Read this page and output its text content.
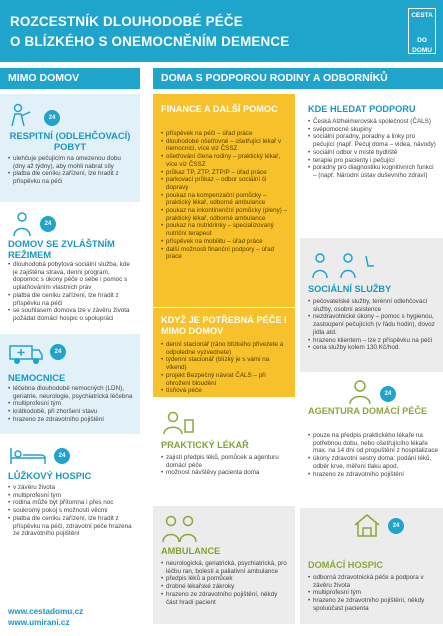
ROZCESTNÍK DLOUHODOBÉ PÉČE
O BLÍZKÉHO S ONEMOCNĚNÍM DEMENCE
CESTA
DO
DOMU
MIMO DOMOV	DOMA S PODPOROU RODINY A ODBORNÍKŮ
24
RESPITNÍ (ODLEHČOVACÍ) POBYT
• ulehčuje pečujícím na omezenou dobu (dny až týdny), aby mohli nabrat síly
• platba dle ceníku zařízení, lze hradit z příspěvku na péči
24
DOMOV SE ZVLÁŠTNÍM REŽIMEM
• dlouhodobá pobytová sociální služba, kde je zajištěna strava, denní program, dopomoc s úkony péče o sebe i pomoc s uplatňováním vlastních práv
• platba dle ceníku zařízení, lze hradit z příspěvku na péči
• se souhlasem domova lze v závěru života požádat domácí hospic o spolupráci
24
NEMOCNICE
• léčebna dlouhodobě nemocných (LDN), geriatrie, neurologie, psychiatrická léčebna
• multiprofesní tým
• krátkodobě, při zhoršení stavu
• hrazeno ze zdravotního pojištění
24
LŮŽKOVÝ HOSPIC
• v závěru života
• multiprofesní tým
• rodina může být přítomna i přes noc
• soukromý pokoj s možností věcmi
• platba dle ceníku zařízení, lze hradit z příspěvku na péči, zdravotní péče hrazena ze zdravotního pojištění
www.cestadomu.cz
www.umirani.cz
FINANCE A DALŠÍ POMOC
• příspěvek na péči – úřad práce
• dlouhodobé ošetřovné – ošetřující lékař v nemocnici, více viz ČSSZ
• ošetřování člena rodiny – praktický lékař, více viz ČSSZ
• průkaz TP, ZTP, ZTP/P – úřad práce
• parkovací průkaz – odbor sociální či dopravy
• poukaz na kompenzační pomůcky – praktický lékař, odborné ambulance
• poukaz na inkontinenční pomůcky (pleny) – praktický lékař, odborné ambulance
• poukaz na nutridrinky – specializovaný nutriční terapeut
• příspěvek na mobilitu – úřad práce
• další možnosti finanční podpory – úřad práce
KDYŽ JE POTŘEBNÁ PÉČE I MIMO DOMOV
• denní stacionář (ráno blízkého přivezete a odpoledne vyzvednete)
• týdenní stacionář (blízký je s vámi na víkend)
• projekt Bezpečný návrat ČALS – při ohrožení bloudění
• tísňová péče
KDE HLEDAT PODPORU
• Česká Alzheimerovská společnost (ČALS)
• svépomocné skupiny
• sociální poradny, poradny a linky pro pečující (např. Pečuj doma – videa, návody)
• sociální odbor v místě bydliště
• terapie pro pacienty i pečující
• poradny pro diagnostiku kognitivních funkcí – (např. Národní ústav duševního zdraví)
SOCIÁLNÍ SLUŽBY
• pečovatelské služby, terénní odlehčovací služby, osobní asistence
• nezdravotnické úkony – pomoc s hygienou, zastoupení pečujících (v řádu hodin), dovoz jídla atd.
• hrazeno klientem – lze z příspěvku na péči
• cena služby kolem 130 Kč/hod.
24
AGENTURA DOMÁCÍ PÉČE
• pouze na předpis praktického lékaře na potřebnou dobu, nebo ošetřujícího lékaře max. na 14 dní od propuštění z hospitalizace
• úkony zdravotní sestry doma: podání léků, odběr krve, měření tlaku apod.
• hrazeno ze zdravotního pojištění
PRAKTICKÝ LÉKAŘ
• zajistí předpis léků, pomůcek a agenturu domácí péče
• možnost návštěvy pacienta doma
AMBULANCE
• neurologická, geriatrická, psychiatrická, pro léčbu ran, bolesti a paliativní ambulance
• předpis léků a pomůcek
• drobné lékařské zákroky
• hrazeno ze zdravotního pojištění, někdy část hradí pacient
24
DOMÁCÍ HOSPIC
• odborná zdravotnická péče a podpora v závěru života
• multiprofesní tým
• hrazeno ze zdravotního pojištění, někdy spoluúčast pacienta
